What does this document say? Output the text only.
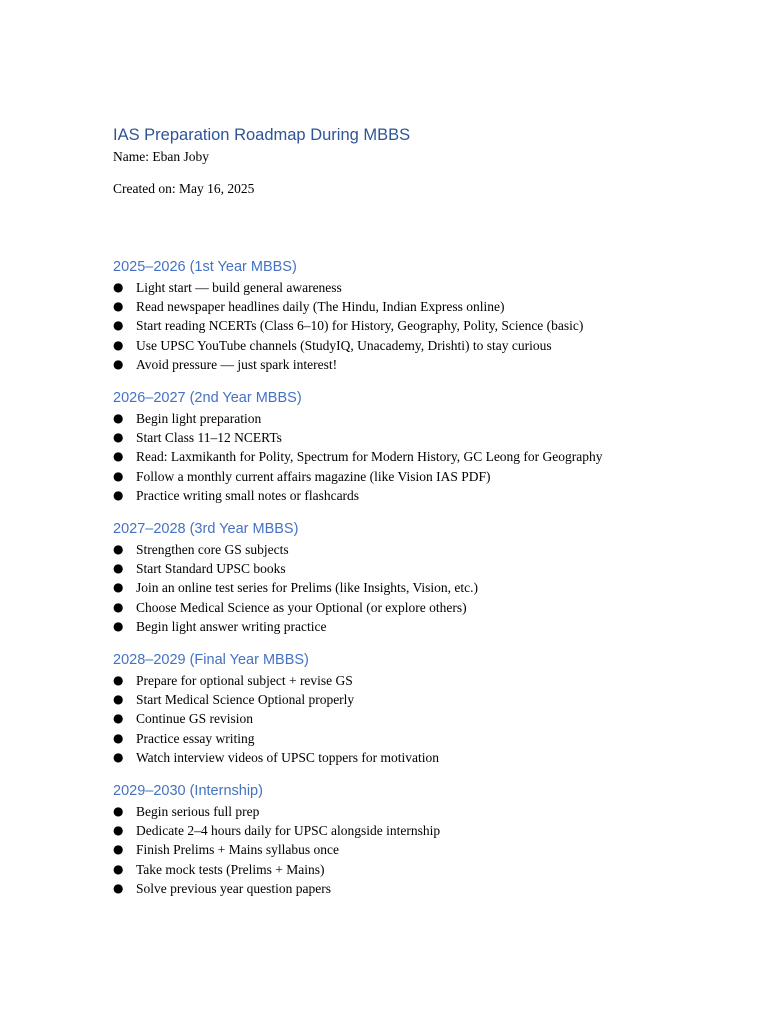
IAS Preparation Roadmap During MBBS

Name: Eban Joby

Created on: May 16, 2025

2025–2026 (1st Year MBBS)
● Light start — build general awareness
● Read newspaper headlines daily (The Hindu, Indian Express online)
● Start reading NCERTs (Class 6–10) for History, Geography, Polity, Science (basic)
● Use UPSC YouTube channels (StudyIQ, Unacademy, Drishti) to stay curious
● Avoid pressure — just spark interest!
2026–2027 (2nd Year MBBS)
● Begin light preparation
● Start Class 11–12 NCERTs
● Read: Laxmikanth for Polity, Spectrum for Modern History, GC Leong for Geography
● Follow a monthly current affairs magazine (like Vision IAS PDF)
● Practice writing small notes or flashcards
2027–2028 (3rd Year MBBS)
● Strengthen core GS subjects
● Start Standard UPSC books
● Join an online test series for Prelims (like Insights, Vision, etc.)
● Choose Medical Science as your Optional (or explore others)
● Begin light answer writing practice
2028–2029 (Final Year MBBS)
● Prepare for optional subject + revise GS
● Start Medical Science Optional properly
● Continue GS revision
● Practice essay writing
● Watch interview videos of UPSC toppers for motivation
2029–2030 (Internship)
● Begin serious full prep
● Dedicate 2–4 hours daily for UPSC alongside internship
● Finish Prelims + Mains syllabus once
● Take mock tests (Prelims + Mains)
● Solve previous year question papers
